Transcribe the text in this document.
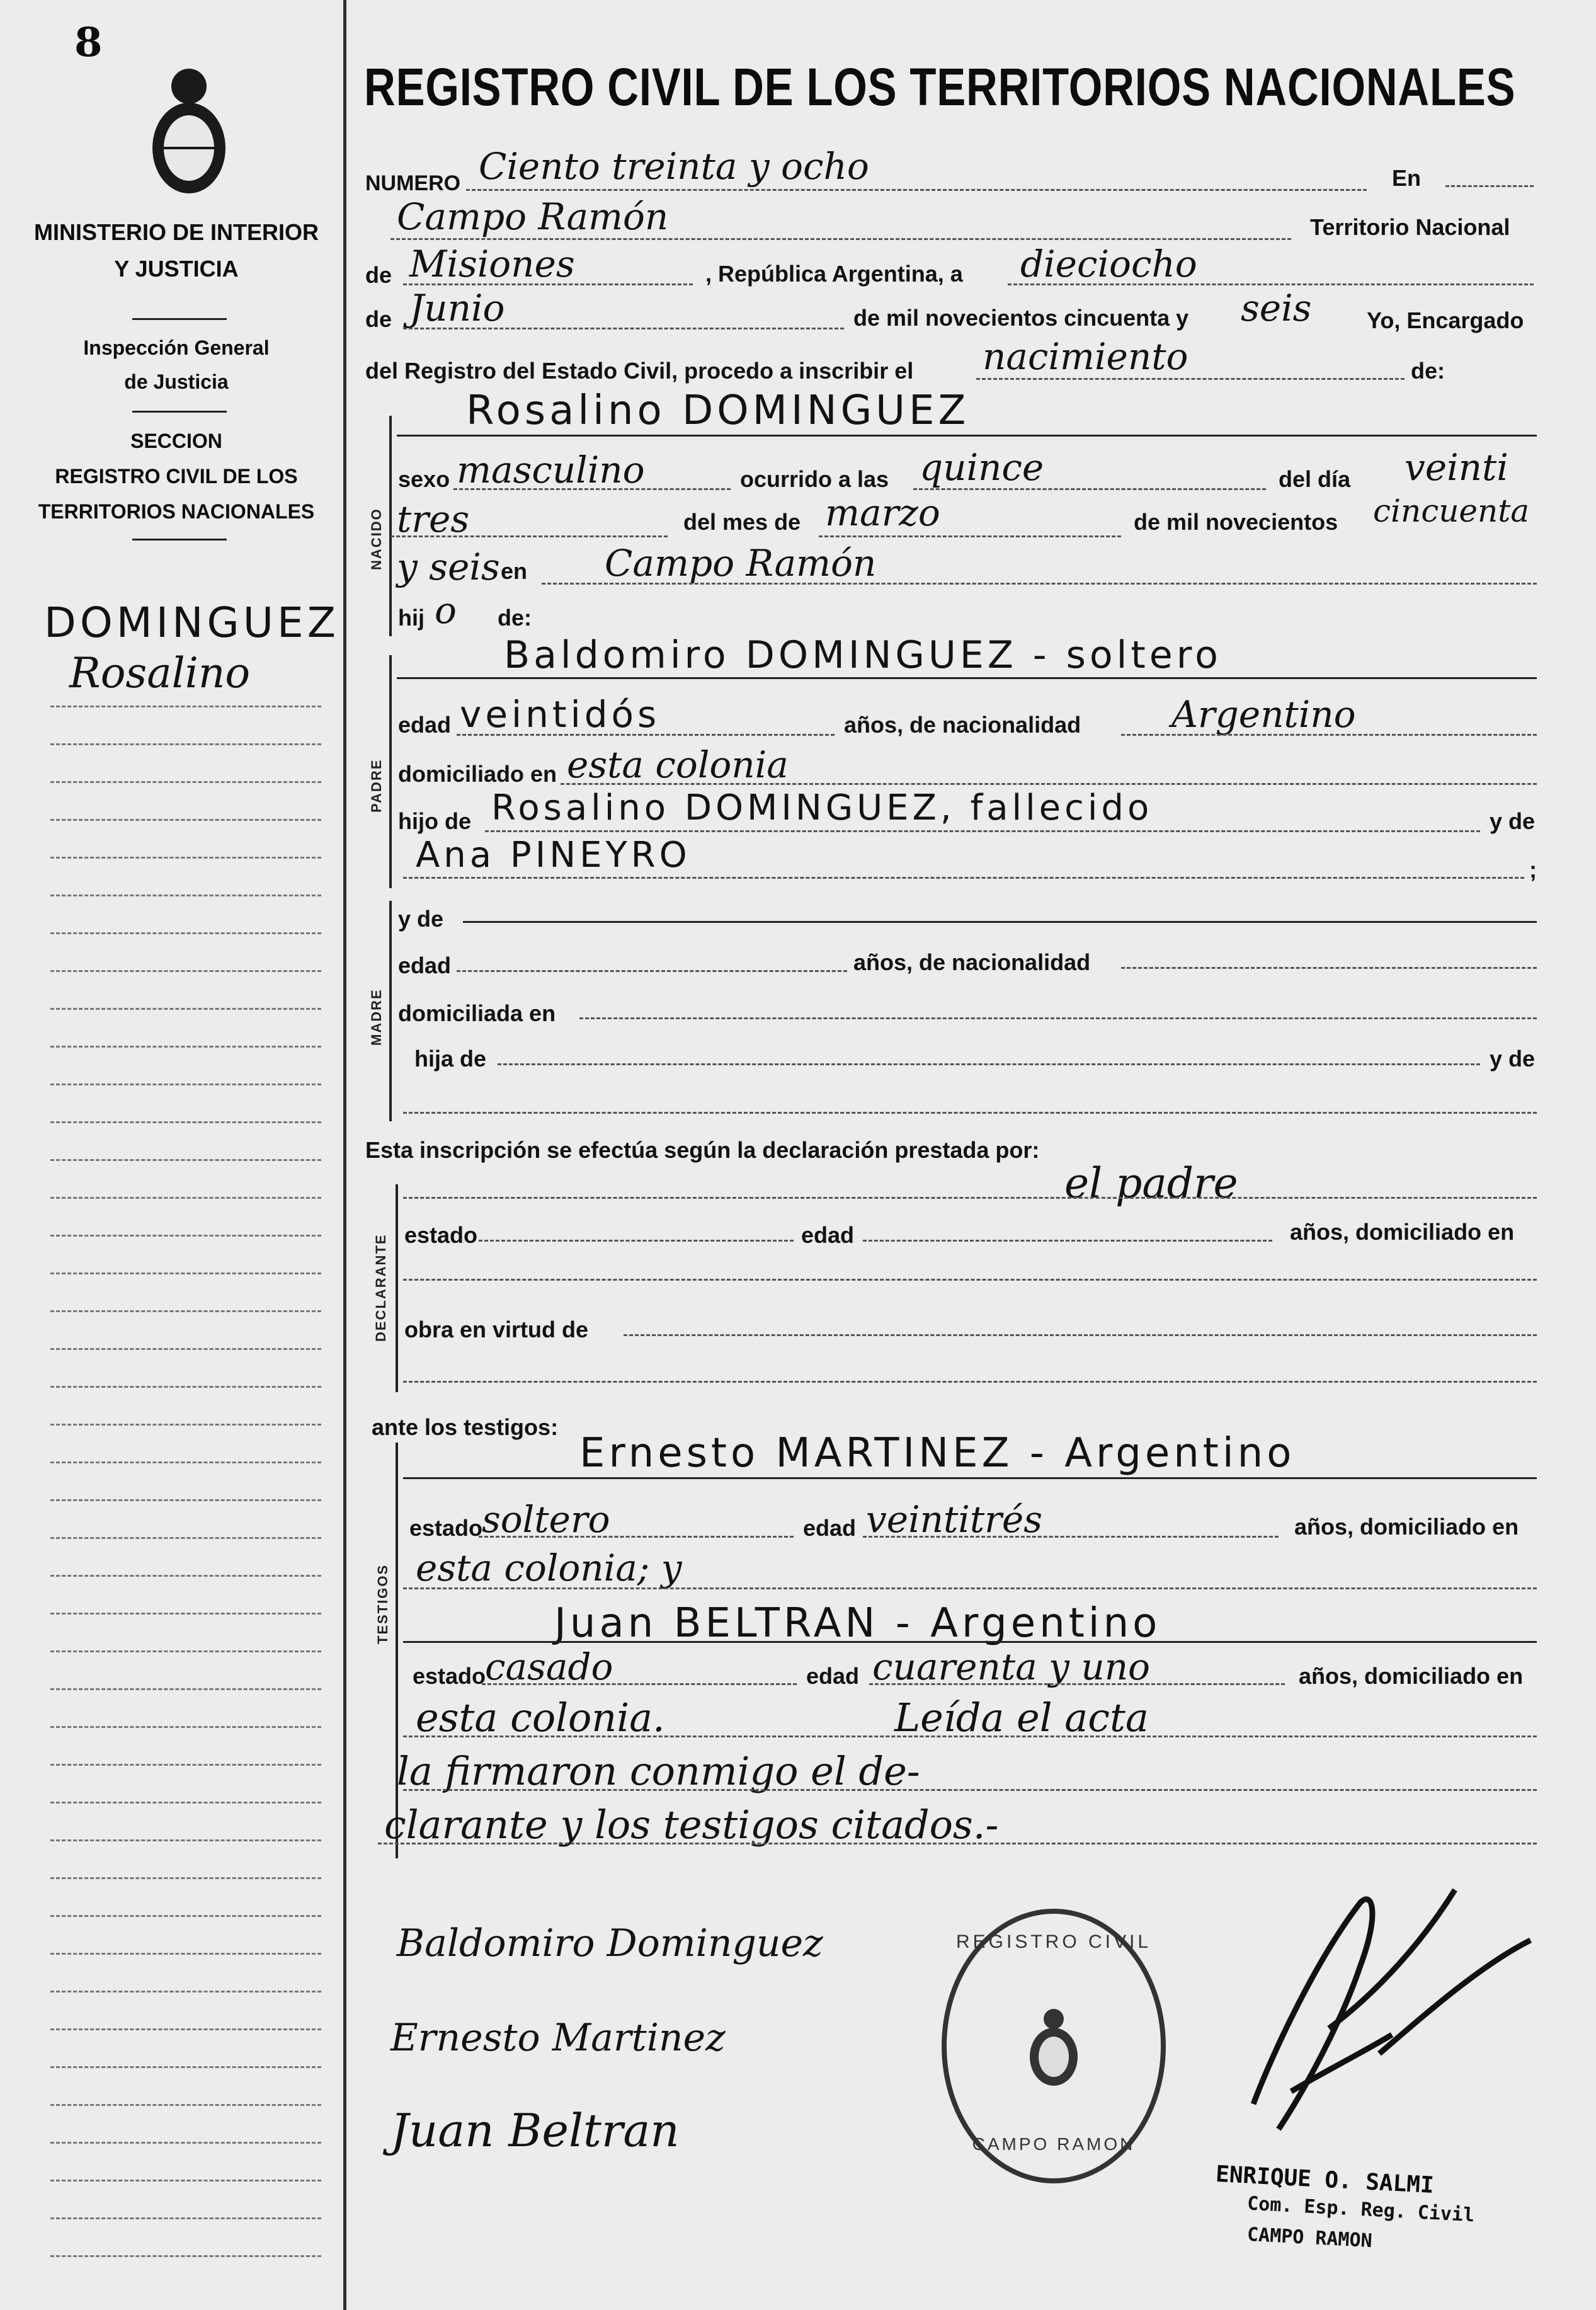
8
MINISTERIO DE INTERIOR
Y JUSTICIA
Inspección General
de Justicia
SECCION
REGISTRO CIVIL DE LOS
TERRITORIOS NACIONALES
DOMINGUEZ
Rosalino
REGISTRO CIVIL DE LOS TERRITORIOS NACIONALES
NUMERO Ciento treinta y ocho	En
Campo Ramón	Territorio Nacional
de Misiones	, República Argentina, a dieciocho
de Junio	de mil novecientos cincuenta y seis Yo, Encargado
del Registro del Estado Civil, procedo a inscribir el nacimiento	de:
NACIDO
Rosalino DOMINGUEZ
sexo masculino	ocurrido a las quince	del día veinti
tres	del mes de marzo	de mil novecientos cincuenta
y seis en Campo Ramón
hij o de:
PADRE
Baldomiro DOMINGUEZ - soltero
edad veintidós	años, de nacionalidad Argentino
domiciliado en esta colonia
hijo de Rosalino DOMINGUEZ, fallecido	y de
Ana PINEYRO	;
MADRE
y de
edad	años, de nacionalidad
domiciliada en
hija de	y de
Esta inscripción se efectúa según la declaración prestada por:
el padre
DECLARANTE estado	edad	años, domiciliado en
obra en virtud de
ante los testigos:
TESTIGOS
Ernesto MARTINEZ - Argentino
estado
soltero	edad veintitrés	años, domiciliado en
esta colonia; y
Juan BELTRAN - Argentino
estado
casado	edad cuarenta y uno	años, domiciliado en
esta colonia.	Leída el acta
la firmaron conmigo el de-
clarante y los testigos citados.-
Baldomiro Dominguez
Ernesto Martinez
Juan Beltran
REGISTRO CIVIL
CAMPO RAMON
ENRIQUE O. SALMI
Com. Esp. Reg. Civil
CAMPO RAMON
